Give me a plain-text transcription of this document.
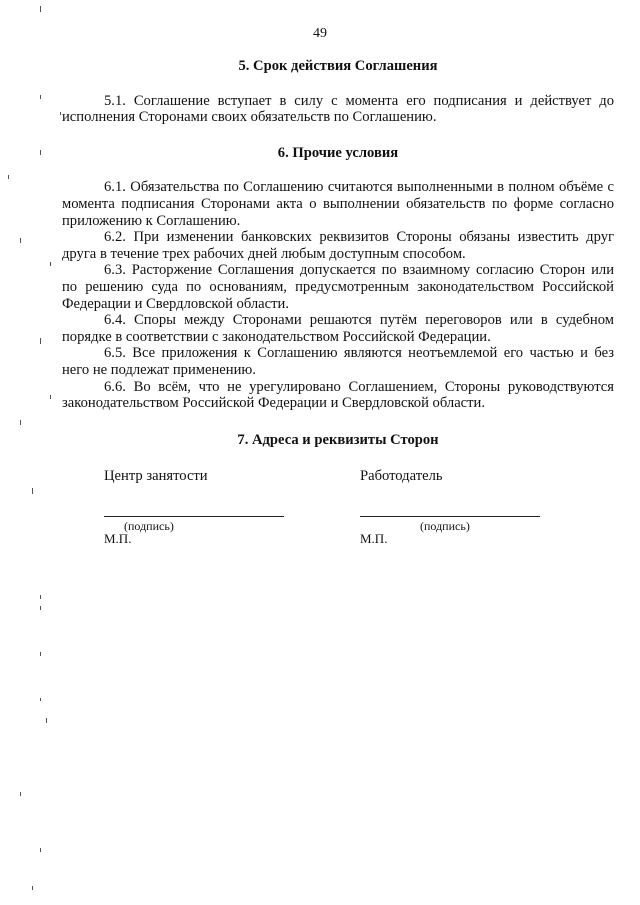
49

5. Срок действия Соглашения

5.1. Соглашение вступает в силу с момента его подписания и действует до исполнения Сторонами своих обязательств по Соглашению.

6. Прочие условия

6.1. Обязательства по Соглашению считаются выполненными в полном объёме с момента подписания Сторонами акта о выполнении обязательств по форме согласно приложению к Соглашению.

6.2. При изменении банковских реквизитов Стороны обязаны известить друг друга в течение трех рабочих дней любым доступным способом.

6.3. Расторжение Соглашения допускается по взаимному согласию Сторон или по решению суда по основаниям, предусмотренным законодательством Российской Федерации и Свердловской области.

6.4. Споры между Сторонами решаются путём переговоров или в судебном порядке в соответствии с законодательством Российской Федерации.

6.5. Все приложения к Соглашению являются неотъемлемой его частью и без него не подлежат применению.

6.6. Во всём, что не урегулировано Соглашением, Стороны руководствуются законодательством Российской Федерации и Свердловской области.

7. Адреса и реквизиты Сторон

Центр занятости
(подпись)
М.П.
Работодатель
(подпись)
М.П.
